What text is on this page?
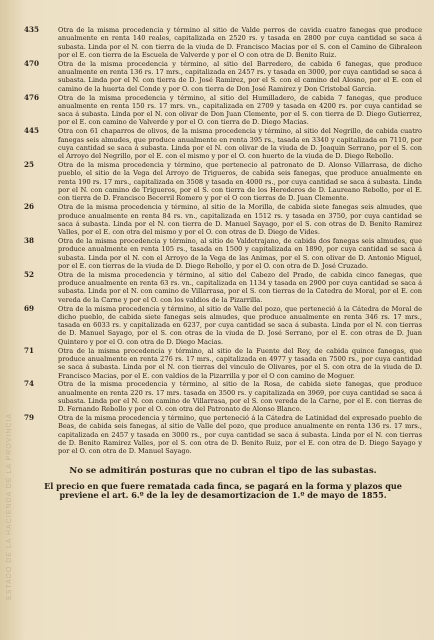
ESTADO DE LA HACIENDA DE LA PROVINCIA
435	Otra de la misma procedencia y término al sitio de Valde perros de cavida cuatro fanegas que produce anualmente en renta 140 reales, capitalizada en 2520 rs. y tasada en 2800 por cuya cantidad se saca á subasta. Linda por el N. con tierra de la viuda de D. Francisco Macias por el S. con el Camino de Gibraleon por el E. con tierra de la Escuela de Valverde y por el O con otra de D. Benito Ruiz.
470	Otra de la misma procedencia y término, al sitio del Barredero, de cabida 6 fanegas, que produce anualmente en renta 136 rs. 17 mrs., capitalizada en 2457 rs. y tasada en 3000, por cuya cantidad se saca á subasta. Linda por el N. con tierra de D. José Ramirez, por el S. con el camino del Alosno, por el E. con el camino de la huerta del Conde y por O. con tierra de Don José Ramirez y Don Cristobal Garcia.
476	Otra de la misma procedencia y término, al sitio del Humilladero, de cabida 7 fanegas, que produce anualmente en renta 150 rs. 17 mrs. vn., capitalizada en 2709 y tasada en 4200 rs. por cuya cantidad se saca á subasta. Linda por el N. con olivar de Don Juan Clemente, por el S. con tierra de D. Diego Gutierrez, por el E. con camino de Valverde y por el O. con tierra de D. Diego Macias.
445	Otra con 61 chaparros de olivos, de la misma procedencia y término, al sitio del Negrillo, de cabida cuatro fanegas seis almudes, que produce anualmente en renta 395 rs., tasada en 3340 y capitalizada en 7110, por cuya cantidad se saca á subasta. Linda por el N. con olivar de la viuda de D. Joaquin Serrano, por el S. con el Arroyo del Negrillo, por el E. con el mismo y por el O. con huerto de la viuda de D. Diego Rebollo.
25	Otra de la misma procedencia y término, que pertenecio al patronato de D. Alonso Villarrasa, de dicho pueblo, el sitio de la Vega del Arroyo de Trigueros, de cabida seis fanegas, que produce anualmente en renta 190 rs. 17 mrs., capitalizada en 3508 y tasada en 4000 rs., por cuya cantidad se saca á subasta. Linda por el N. con camino de Trigueros, por el S. con tierra de los Herederos de D. Laureano Rebollo, por el E. con tierra de D. Francisco Becerril Romero y por el O con tierras de D. Juan Clemente.
26	Otra de la misma procedencia y término, al sitio de la Morilla, de cabida siete fanegas seis almudes, que produce anualmente en renta 84 rs. vn., capitalizada en 1512 rs. y tasada en 3750, por cuya cantidad se saca á subasta. Linda por el N. con tierra de D. Manuel Sayago, por el S. con otras de D. Benito Ramirez Valles, por el E. con otra del mismo y por el O. con otras de D. Diego de Vides.
38	Otra de la misma procedencia y término, al sitio de Valdetrajano, de cabida dos fanegas seis almudes, que produce anualmente en renta 105 rs., tasada en 1500 y capitalizada en 1890, por cuya cantidad se saca á subasta. Linda por el N. con el Arroyo de la Vega de las Animas, por el S. con olivar de D. Antonio Miguel, por el E. con tierras de la viuda de D. Diego Rebollo, y por el O. con otra de D. José Cruzado.
52	Otra de la misma procedencia y término, al sitio del Cabezo del Prado, de cabida cinco fanegas, que produce anualmente en renta 63 rs. vn., capitalizada en 1134 y tasada en 2900 por cuya cantidad se saca á subasta. Linda por el N. con camino de Villarrasa, por el S. con tierras de la Catedra de Moral, por el E. con vereda de la Carne y por el O. con los valdios de la Pizarrilla.
69	Otra de la misma procedencia y término, al sitio de Valle del pozo, que perteneció á la Cátedra de Moral de dicho pueblo, de cabida siete fanegas seis almudes, que produce anualmente en renta 346 rs. 17 mrs., tasada en 6033 rs. y capitalizada en 6237, por cuya cantidad se saca á subasta. Linda por el N. con tierras de D. Manuel Sayago, por el S. con otras de la viuda de D. José Serrano, por el E. con otras de D. Juan Quintero y por el O. con otra de D. Diego Macias.
71	Otra de la misma procedencia y término, al sitio de la Fuente del Rey, de cabida quince fanegas, que produce anualmente en renta 276 rs. 17 mrs., capitalizada en 4977 y tasada en 7500 rs., por cuya cantidad se saca á subasta. Linda por el N. con tierras del vinculo de Olivares, por el S. con otra de la viuda de D. Francisco Macias, por el E. con valdios de la Pizarrilla y por el O con camino de Moguer.
74	Otra de la misma procedencia y término, al sitio de la Rosa, de cabida siete fanegas, que produce anualmente en renta 220 rs. 17 mrs. tasada en 3500 rs. y capitalizada en 3969, por cuya cantidad se saca á subasta. Linda por el N. con camino de Villarrasa, por el S. con vereda de la Carne, por el E. con tierras de D. Fernando Rebollo y por el O. con otra del Patronato de Alonso Blanco.
79	Otra de la misma procedencia y término, que perteneció á la Cátedra de Latinidad del expresado pueblo de Beas, de cabida seis fanegas, al sitio de Valle del pozo, que produce anualmente en renta 136 rs. 17 mrs., capitalizada en 2457 y tasada en 3000 rs., por cuya cantidad se saca á subasta. Linda por el N. con tierras de D. Benito Ramirez Valles, por el S. con otra de D. Benito Ruiz, por el E. con otra de D. Diego Sayago y por el O. con otra de D. Manuel Sayago.
No se admitirán posturas que no cubran el tipo de las subastas.
El precio en que fuere rematada cada finca, se pagará en la forma y plazos que previene el art. 6.º de la ley de desamortizacion de 1.º de mayo de 1855.
